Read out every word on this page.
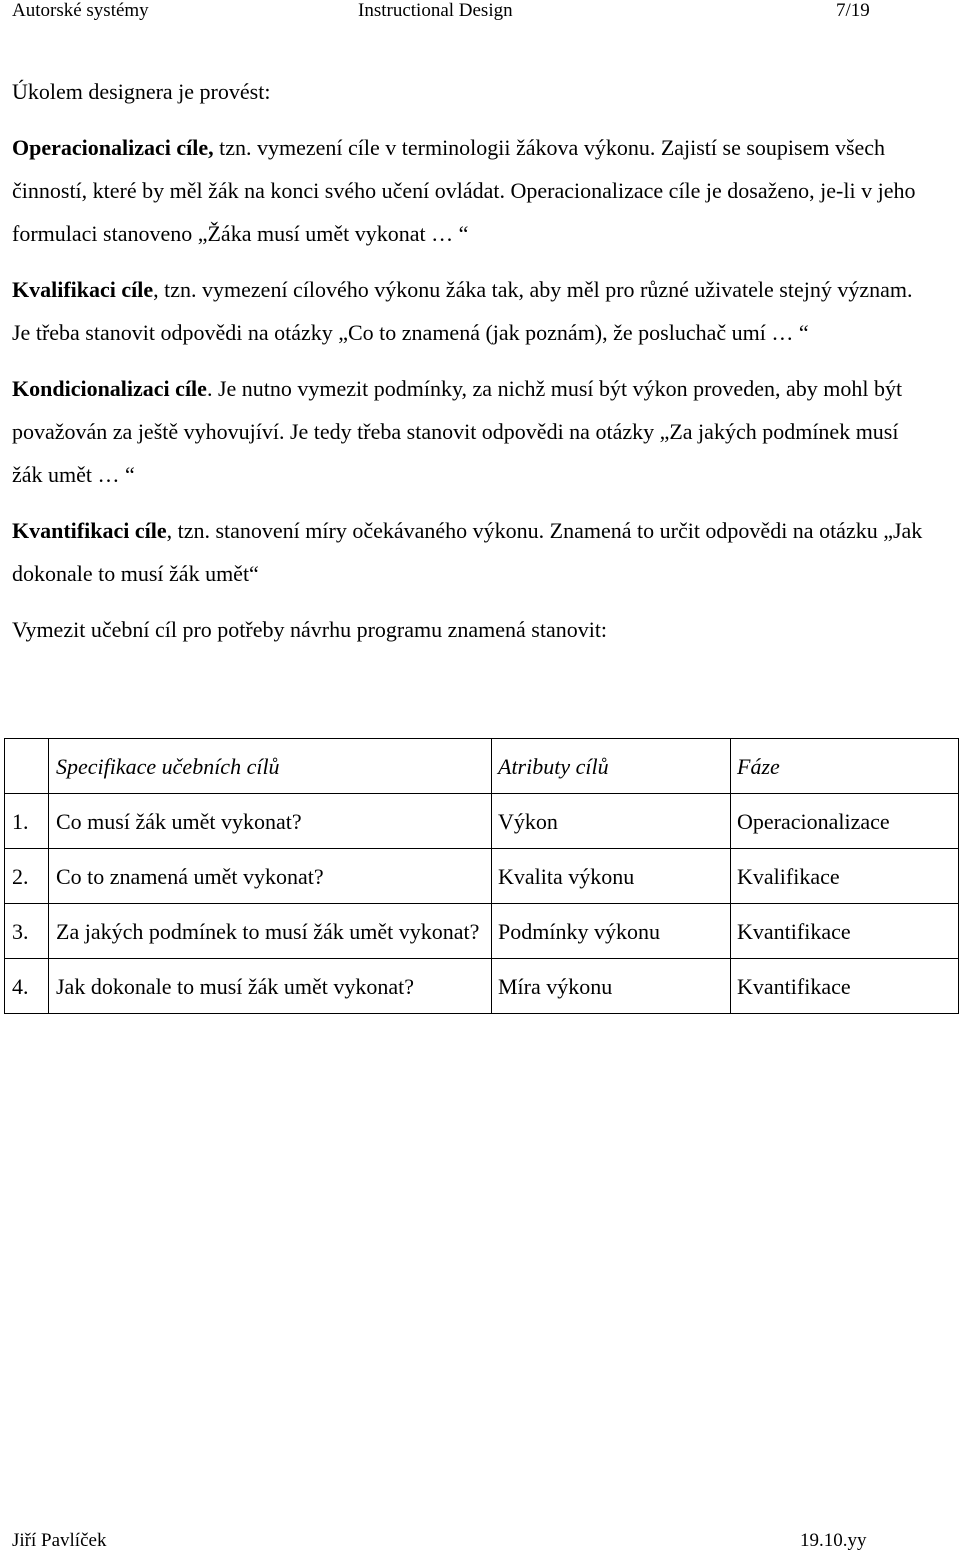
Autorské systémy	Instructional Design	7/19

Úkolem designera je provést:

Operacionalizaci cíle, tzn. vymezení cíle v terminologii žákova výkonu. Zajistí se soupisem všech činností, které by měl žák na konci svého učení ovládat. Operacionalizace cíle je dosaženo, je-li v jeho formulaci stanoveno „Žáka musí umět vykonat … “

Kvalifikaci cíle, tzn. vymezení cílového výkonu žáka tak, aby měl pro různé uživatele stejný význam. Je třeba stanovit odpovědi na otázky „Co to znamená (jak poznám), že posluchač umí … “

Kondicionalizaci cíle. Je nutno vymezit podmínky, za nichž musí být výkon proveden, aby mohl být považován za ještě vyhovujíví. Je tedy třeba stanovit odpovědi na otázky „Za jakých podmínek musí žák umět … “

Kvantifikaci cíle, tzn. stanovení míry očekávaného výkonu. Znamená to určit odpovědi na otázku „Jak dokonale to musí žák umět“

Vymezit učební cíl pro potřeby návrhu programu znamená stanovit:

	Specifikace učebních cílů	Atributy cílů	Fáze

1.	Co musí žák umět vykonat?	Výkon	Operacionalizace

2.	Co to znamená umět vykonat?	Kvalita výkonu	Kvalifikace

3.	Za jakých podmínek to musí žák umět vykonat?	Podmínky výkonu	Kvantifikace

4.	Jak dokonale to musí žák umět vykonat?	Míra výkonu	Kvantifikace
Jiří Pavlíček	19.10.yy
